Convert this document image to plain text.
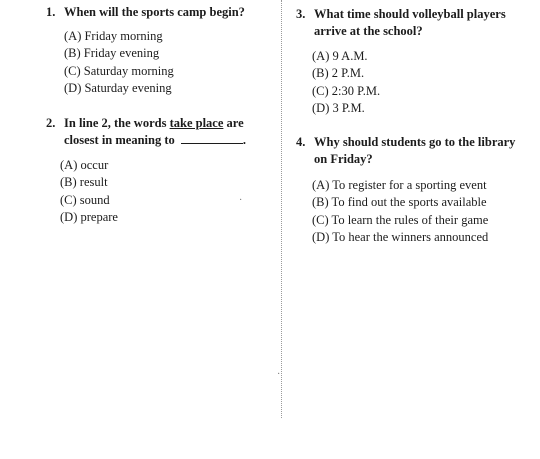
·
·
1. When will the sports camp begin?
(A) Friday morning
(B) Friday evening
(C) Saturday morning
(D) Saturday evening
2. In line 2, the words take place are closest in meaning to	.
(A) occur
(B) result
(C) sound
(D) prepare
3. What time should volleyball players arrive at the school?
(A) 9 A.M.
(B) 2 P.M.
(C) 2:30 P.M.
(D) 3 P.M.
4. Why should students go to the library on Friday?
(A) To register for a sporting event
(B) To find out the sports available
(C) To learn the rules of their game
(D) To hear the winners announced
